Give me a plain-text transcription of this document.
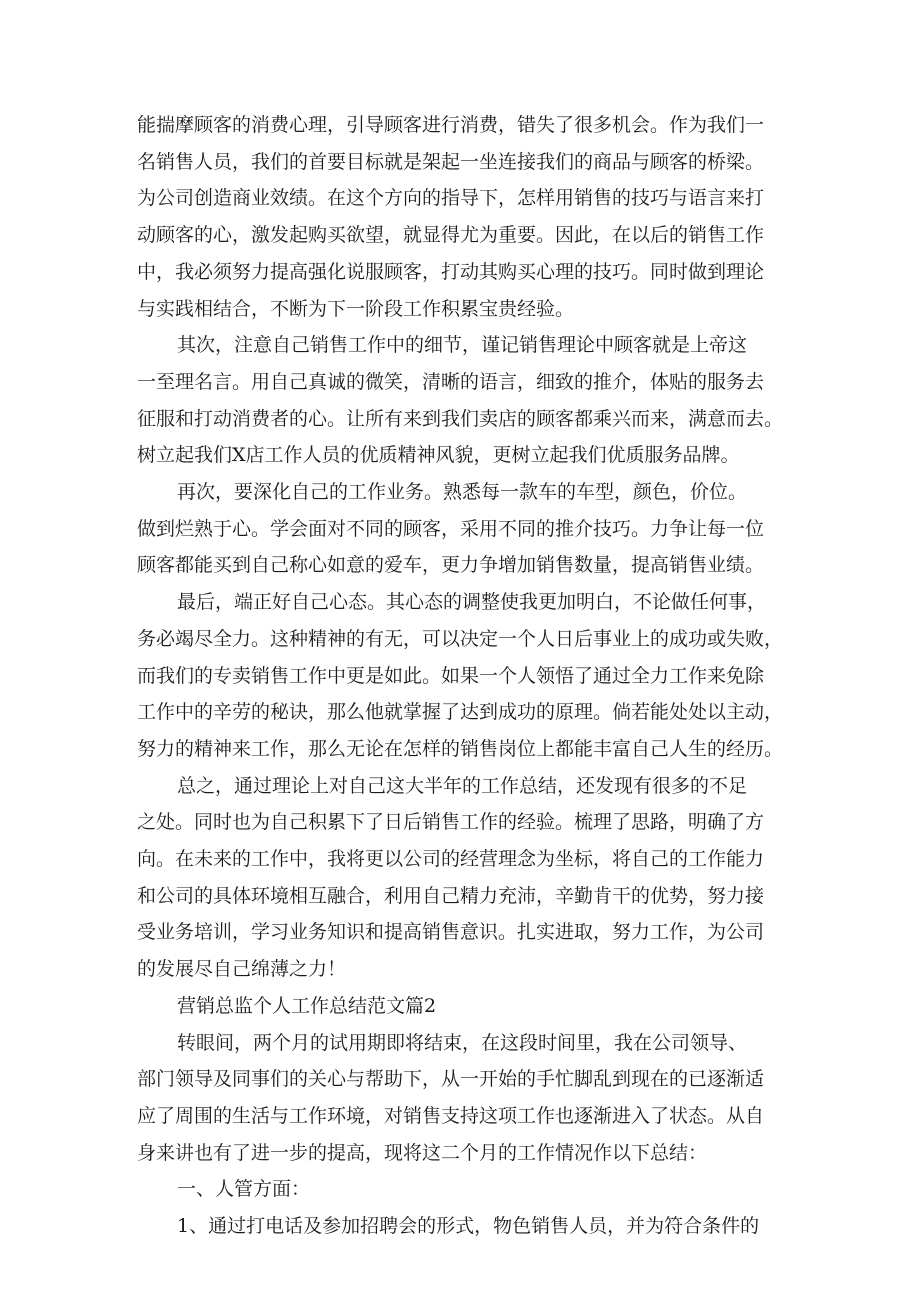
能揣摩顾客的消费心理，引导顾客进行消费，错失了很多机会。作为我们一
名销售人员，我们的首要目标就是架起一坐连接我们的商品与顾客的桥梁。
为公司创造商业效绩。在这个方向的指导下，怎样用销售的技巧与语言来打
动顾客的心，激发起购买欲望，就显得尤为重要。因此，在以后的销售工作
中，我必须努力提高强化说服顾客，打动其购买心理的技巧。同时做到理论
与实践相结合，不断为下一阶段工作积累宝贵经验。
其次，注意自己销售工作中的细节，谨记销售理论中顾客就是上帝这
一至理名言。用自己真诚的微笑，清晰的语言，细致的推介，体贴的服务去
征服和打动消费者的心。让所有来到我们卖店的顾客都乘兴而来，满意而去。
树立起我们X店工作人员的优质精神风貌，更树立起我们优质服务品牌。
再次，要深化自己的工作业务。熟悉每一款车的车型，颜色，价位。
做到烂熟于心。学会面对不同的顾客，采用不同的推介技巧。力争让每一位
顾客都能买到自己称心如意的爱车，更力争增加销售数量，提高销售业绩。
最后，端正好自己心态。其心态的调整使我更加明白，不论做任何事，
务必竭尽全力。这种精神的有无，可以决定一个人日后事业上的成功或失败，
而我们的专卖销售工作中更是如此。如果一个人领悟了通过全力工作来免除
工作中的辛劳的秘诀，那么他就掌握了达到成功的原理。倘若能处处以主动，
努力的精神来工作，那么无论在怎样的销售岗位上都能丰富自己人生的经历。
总之，通过理论上对自己这大半年的工作总结，还发现有很多的不足
之处。同时也为自己积累下了日后销售工作的经验。梳理了思路，明确了方
向。在未来的工作中，我将更以公司的经营理念为坐标，将自己的工作能力
和公司的具体环境相互融合，利用自己精力充沛，辛勤肯干的优势，努力接
受业务培训，学习业务知识和提高销售意识。扎实进取，努力工作，为公司
的发展尽自己绵薄之力！
营销总监个人工作总结范文篇2
转眼间，两个月的试用期即将结束，在这段时间里，我在公司领导、
部门领导及同事们的关心与帮助下，从一开始的手忙脚乱到现在的已逐渐适
应了周围的生活与工作环境，对销售支持这项工作也逐渐进入了状态。从自
身来讲也有了进一步的提高，现将这二个月的工作情况作以下总结：
一、人管方面：
1、通过打电话及参加招聘会的形式，物色销售人员，并为符合条件的
